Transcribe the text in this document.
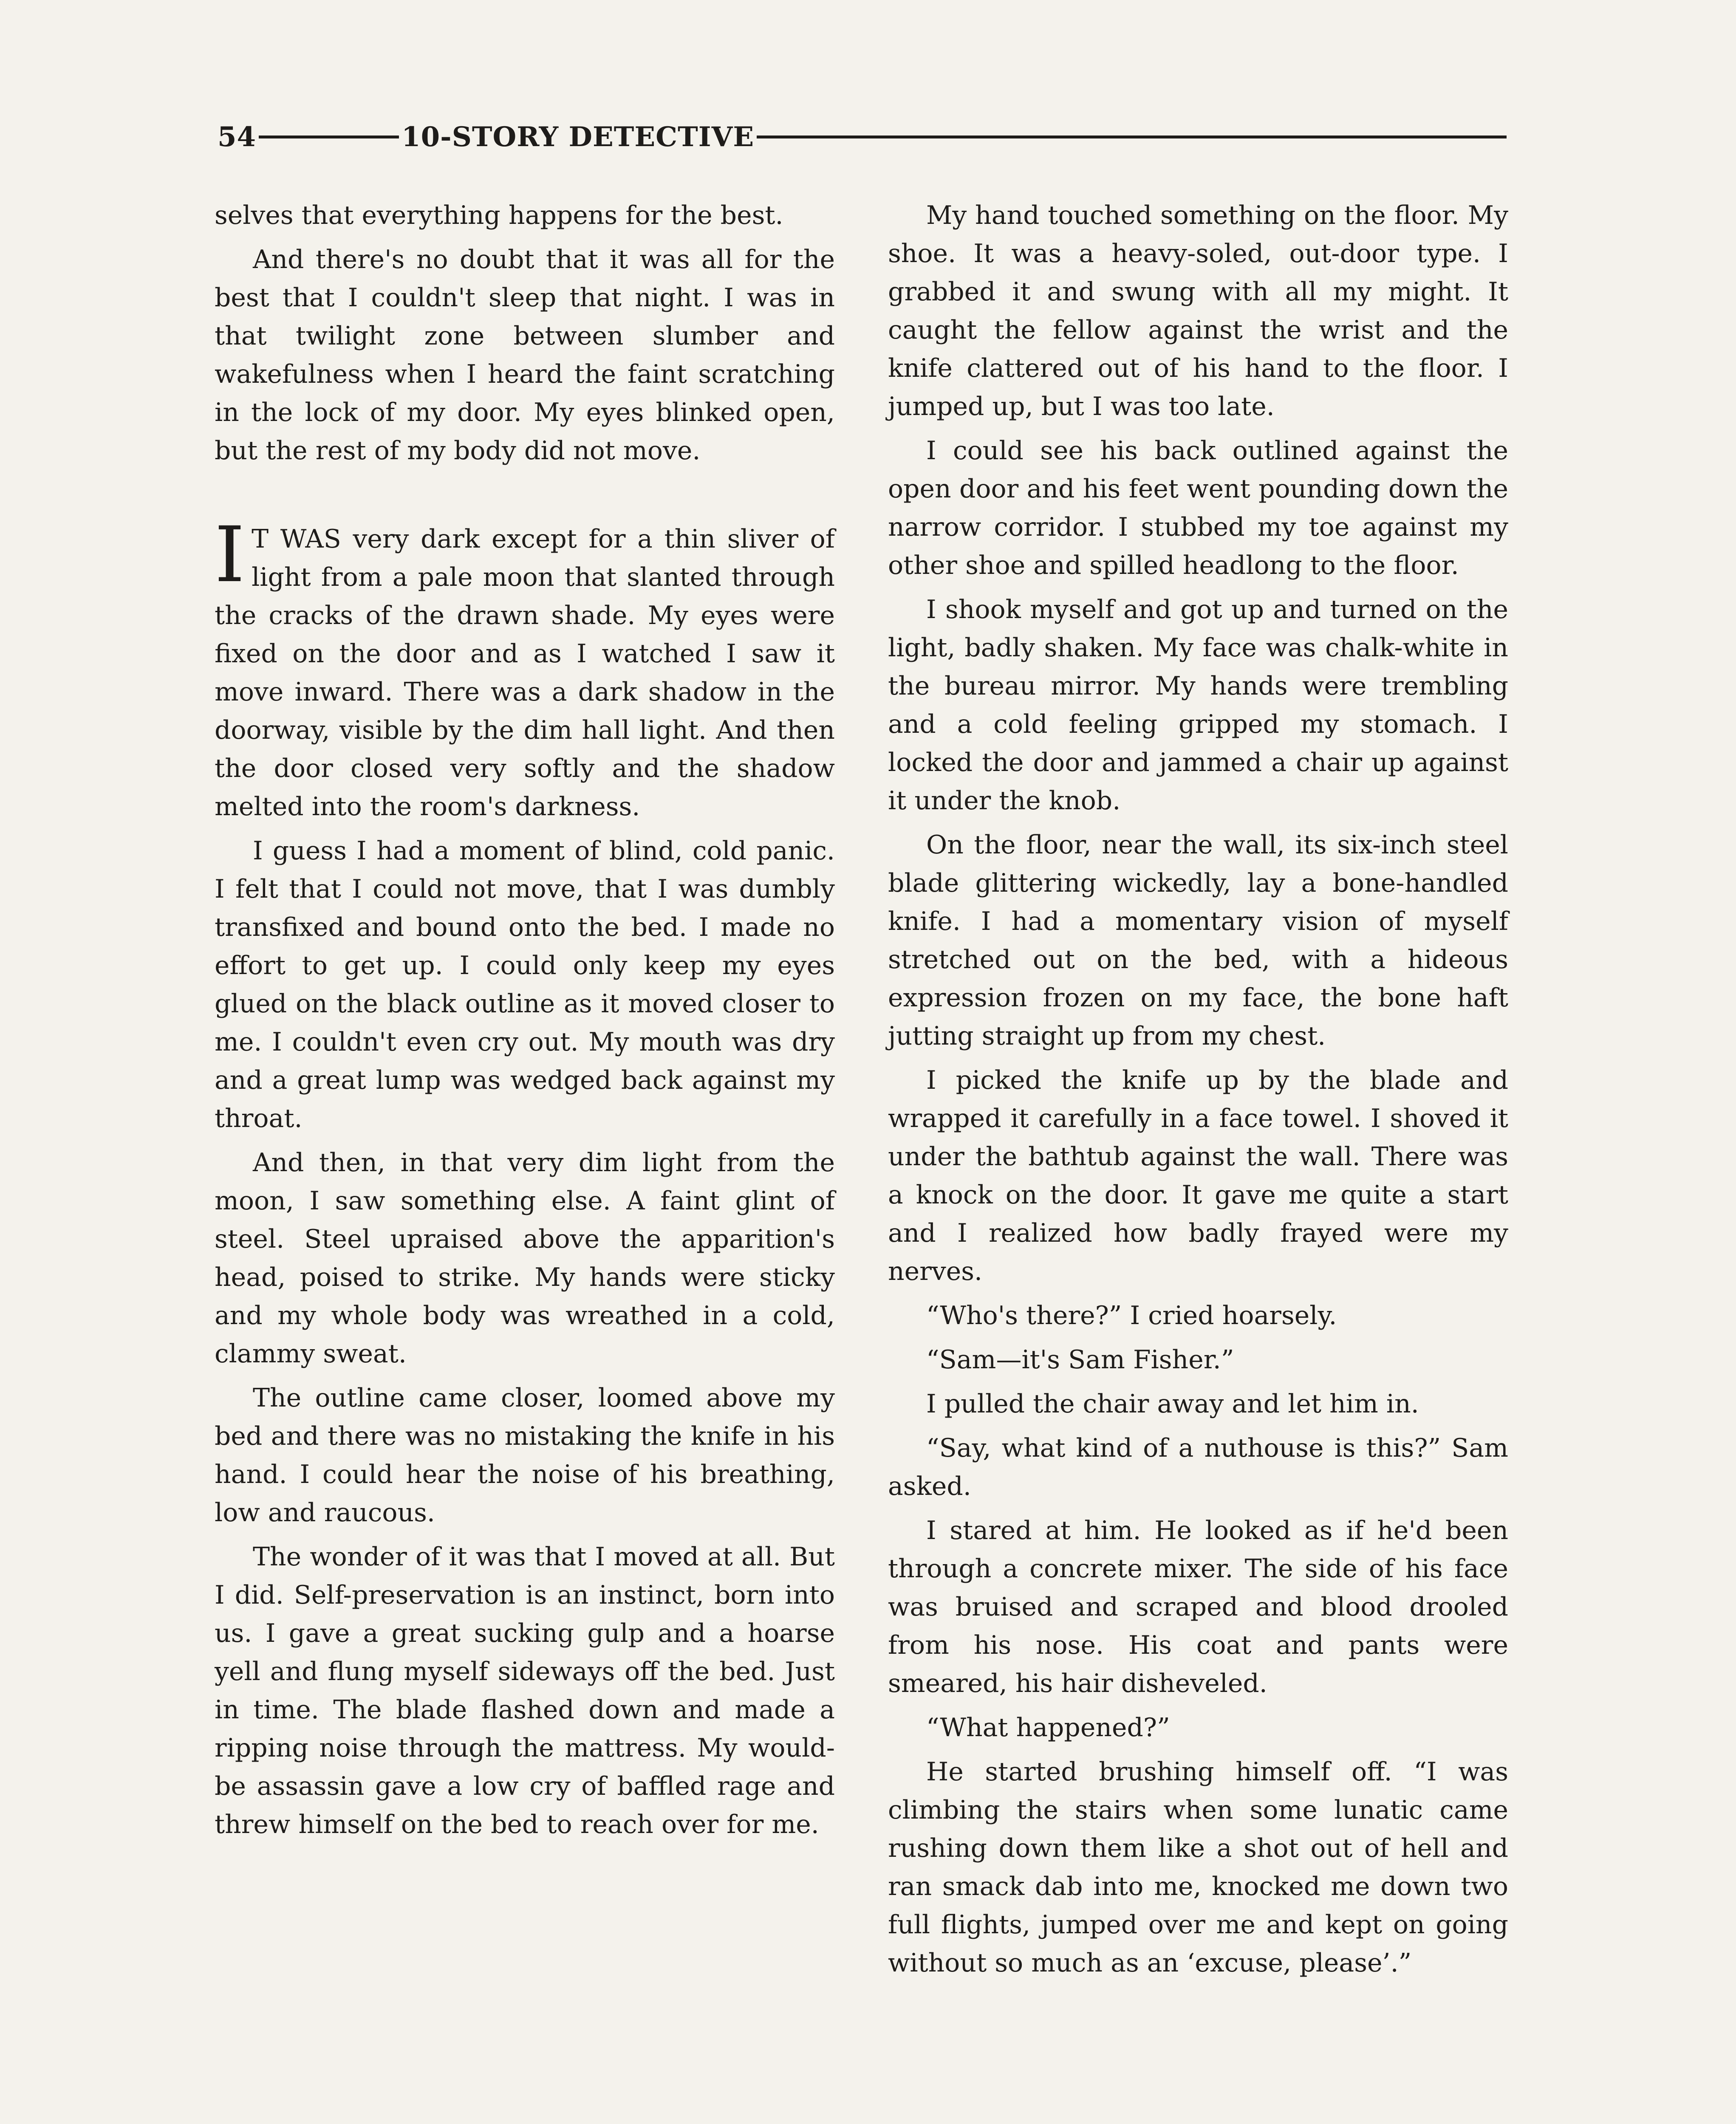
54	10-STORY DETECTIVE

selves that everything happens for the best.

And there's no doubt that it was all for the best that I couldn't sleep that night. I was in that twilight zone between slumber and wakefulness when I heard the faint scratching in the lock of my door. My eyes blinked open, but the rest of my body did not move.

I T WAS very dark except for a thin sliver of light from a pale moon that slanted through the cracks of the drawn shade. My eyes were fixed on the door and as I watched I saw it move inward. There was a dark shadow in the doorway, visible by the dim hall light. And then the door closed very softly and the shadow melted into the room's darkness.

I guess I had a moment of blind, cold panic. I felt that I could not move, that I was dumbly transfixed and bound onto the bed. I made no effort to get up. I could only keep my eyes glued on the black outline as it moved closer to me. I couldn't even cry out. My mouth was dry and a great lump was wedged back against my throat.

And then, in that very dim light from the moon, I saw something else. A faint glint of steel. Steel upraised above the apparition's head, poised to strike. My hands were sticky and my whole body was wreathed in a cold, clammy sweat.

The outline came closer, loomed above my bed and there was no mistaking the knife in his hand. I could hear the noise of his breathing, low and raucous.

The wonder of it was that I moved at all. But I did. Self-preservation is an instinct, born into us. I gave a great sucking gulp and a hoarse yell and flung myself sideways off the bed. Just in time. The blade flashed down and made a ripping noise through the mattress. My would-be assassin gave a low cry of baffled rage and threw himself on the bed to reach over for me.

My hand touched something on the floor. My shoe. It was a heavy-soled, out-door type. I grabbed it and swung with all my might. It caught the fellow against the wrist and the knife clattered out of his hand to the floor. I jumped up, but I was too late.

I could see his back outlined against the open door and his feet went pounding down the narrow corridor. I stubbed my toe against my other shoe and spilled headlong to the floor.

I shook myself and got up and turned on the light, badly shaken. My face was chalk-white in the bureau mirror. My hands were trembling and a cold feeling gripped my stomach. I locked the door and jammed a chair up against it under the knob.

On the floor, near the wall, its six-inch steel blade glittering wickedly, lay a bone-handled knife. I had a momentary vision of myself stretched out on the bed, with a hideous expression frozen on my face, the bone haft jutting straight up from my chest.

I picked the knife up by the blade and wrapped it carefully in a face towel. I shoved it under the bathtub against the wall. There was a knock on the door. It gave me quite a start and I realized how badly frayed were my nerves.

“Who's there?” I cried hoarsely.

“Sam—it's Sam Fisher.”

I pulled the chair away and let him in.

“Say, what kind of a nuthouse is this?” Sam asked.

I stared at him. He looked as if he'd been through a concrete mixer. The side of his face was bruised and scraped and blood drooled from his nose. His coat and pants were smeared, his hair disheveled.

“What happened?”

He started brushing himself off. “I was climbing the stairs when some lunatic came rushing down them like a shot out of hell and ran smack dab into me, knocked me down two full flights, jumped over me and kept on going without so much as an ‘excuse, please’.”
